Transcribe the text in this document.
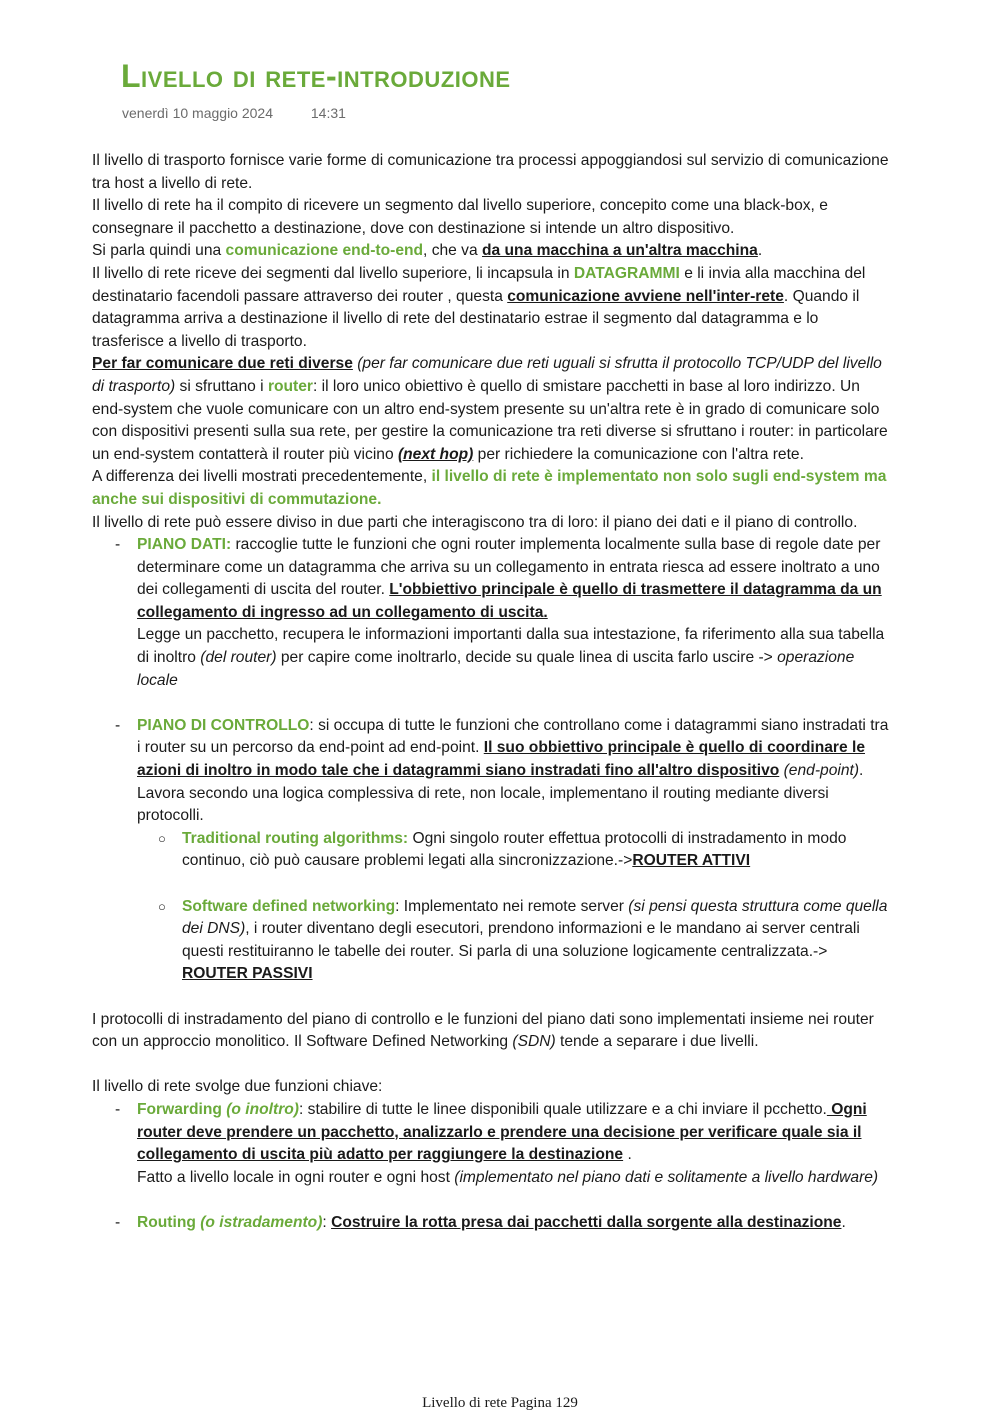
Livello di rete-introduzione
venerdì 10 maggio 2024	14:31

Il livello di trasporto fornisce varie forme di comunicazione tra processi appoggiandosi sul servizio di comunicazione tra host a livello di rete.

Il livello di rete ha il compito di ricevere un segmento dal livello superiore, concepito come una black-box, e consegnare il pacchetto a destinazione, dove con destinazione si intende un altro dispositivo.

Si parla quindi una comunicazione end-to-end, che va da una macchina a un'altra macchina.

Il livello di rete riceve dei segmenti dal livello superiore, li incapsula in DATAGRAMMI e li invia alla macchina del destinatario facendoli passare attraverso dei router , questa comunicazione avviene nell'inter-rete. Quando il datagramma arriva a destinazione il livello di rete del destinatario estrae il segmento dal datagramma e lo trasferisce a livello di trasporto.

Per far comunicare due reti diverse (per far comunicare due reti uguali si sfrutta il protocollo TCP/UDP del livello di trasporto) si sfruttano i router: il loro unico obiettivo è quello di smistare pacchetti in base al loro indirizzo. Un end-system che vuole comunicare con un altro end-system presente su un'altra rete è in grado di comunicare solo con dispositivi presenti sulla sua rete, per gestire la comunicazione tra reti diverse si sfruttano i router: in particolare un end-system contatterà il router più vicino (next hop) per richiedere la comunicazione con l'altra rete.

A differenza dei livelli mostrati precedentemente, il livello di rete è implementato non solo sugli end-system ma anche sui dispositivi di commutazione.

Il livello di rete può essere diviso in due parti che interagiscono tra di loro: il piano dei dati e il piano di controllo.

- PIANO DATI: raccoglie tutte le funzioni che ogni router implementa localmente sulla base di regole date per determinare come un datagramma che arriva su un collegamento in entrata riesca ad essere inoltrato a uno dei collegamenti di uscita del router. L'obbiettivo principale è quello di trasmettere il datagramma da un collegamento di ingresso ad un collegamento di uscita.

Legge un pacchetto, recupera le informazioni importanti dalla sua intestazione, fa riferimento alla sua tabella di inoltro (del router) per capire come inoltrarlo, decide su quale linea di uscita farlo uscire -> operazione locale

- PIANO DI CONTROLLO: si occupa di tutte le funzioni che controllano come i datagrammi siano instradati tra i router su un percorso da end-point ad end-point. Il suo obbiettivo principale è quello di coordinare le azioni di inoltro in modo tale che i datagrammi siano instradati fino all'altro dispositivo (end-point).

Lavora secondo una logica complessiva di rete, non locale, implementano il routing mediante diversi protocolli.

○ Traditional routing algorithms: Ogni singolo router effettua protocolli di instradamento in modo continuo, ciò può causare problemi legati alla sincronizzazione.->ROUTER ATTIVI

○ Software defined networking: Implementato nei remote server (si pensi questa struttura come quella dei DNS), i router diventano degli esecutori, prendono informazioni e le mandano ai server centrali questi restituiranno le tabelle dei router. Si parla di una soluzione logicamente centralizzata.-> ROUTER PASSIVI

I protocolli di instradamento del piano di controllo e le funzioni del piano dati sono implementati insieme nei router con un approccio monolitico. Il Software Defined Networking (SDN) tende a separare i due livelli.

Il livello di rete svolge due funzioni chiave:

- Forwarding (o inoltro): stabilire di tutte le linee disponibili quale utilizzare e a chi inviare il pcchetto. Ogni router deve prendere un pacchetto, analizzarlo e prendere una decisione per verificare quale sia il collegamento di uscita più adatto per raggiungere la destinazione .

Fatto a livello locale in ogni router e ogni host (implementato nel piano dati e solitamente a livello hardware)

- Routing (o istradamento): Costruire la rotta presa dai pacchetti dalla sorgente alla destinazione.

Livello di rete Pagina 129
